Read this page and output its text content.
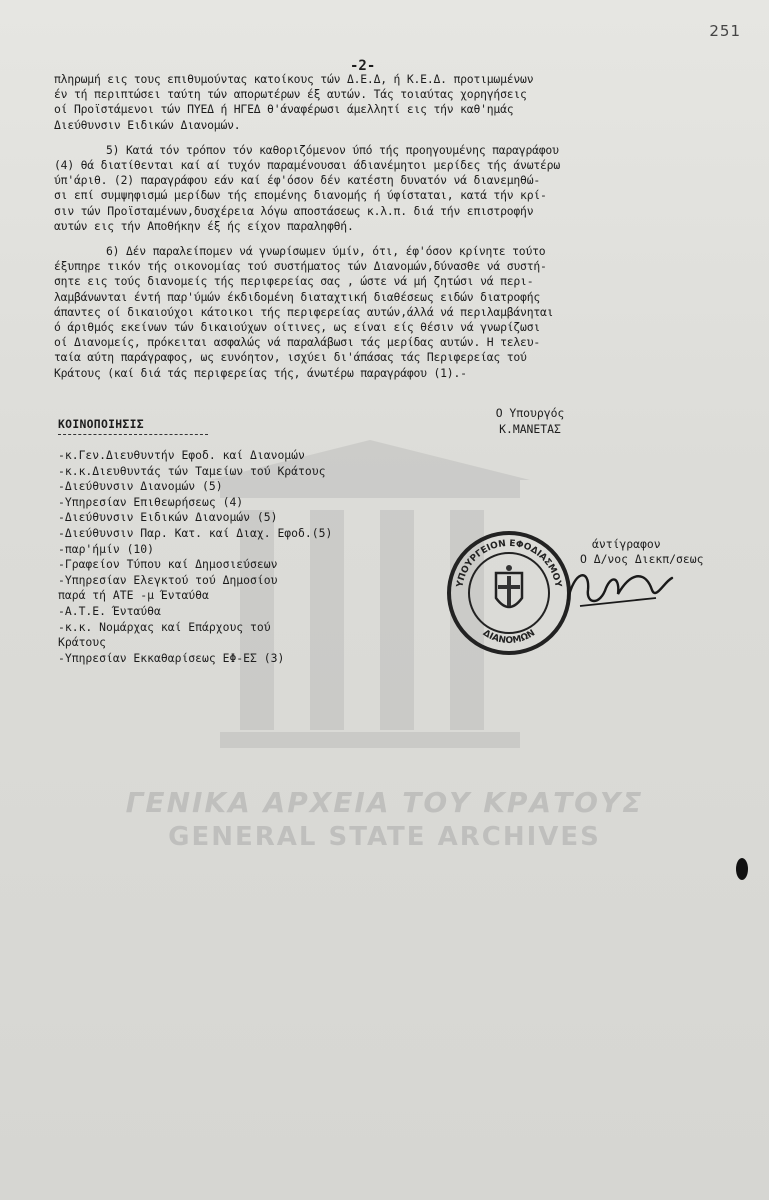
251
-2-

πληρωμή εις τους επιθυμούντας κατοίκους τών Δ.Ε.Δ, ή Κ.Ε.Δ. προτιμωμένων
έν τή περιπτώσει ταύτη τών απορωτέρων έξ αυτών. Τάς τοιαύτας χορηγήσεις
οί Προϊστάμενοι τών ΠΥΕΔ ή ΗΓΕΔ θ'άναφέρωσι άμελλητί εις τήν καθ'ημάς
Διεύθυνσιν Ειδικών Διανομών.

5) Κατά τόν τρόπον τόν καθοριζόμενον ύπό τής προηγουμένης παραγράφου
(4) θά διατίθενται καί αί τυχόν παραμένουσαι άδιανέμητοι μερίδες τής άνωτέρω
ύπ'άριθ. (2) παραγράφου εάν καί έφ'όσον δέν κατέστη δυνατόν νά διανεμηθώ-
σι επί συμψηφισμώ μερίδων τής επομένης διανομής ή ύφίσταται, κατά τήν κρί-
σιν τών Προϊσταμένων,δυσχέρεια λόγω αποστάσεως κ.λ.π. διά τήν επιστροφήν
αυτών εις τήν Αποθήκην έξ ής είχον παραληφθή.

6) Δέν παραλείπομεν νά γνωρίσωμεν ύμίν, ότι, έφ'όσον κρίνητε τούτο
έξυπηρε τικόν τής οικονομίας τού συστήματος τών Διανομών,δύνασθε νά συστή-
σητε εις τούς διανομείς τής περιφερείας σας , ώστε νά μή ζητώσι νά περι-
λαμβάνωνται έντή παρ'ύμών έκδιδομένη διαταχτική διαθέσεως ειδών διατροφής
άπαντες οί δικαιούχοι κάτοικοι τής περιφερείας αυτών,άλλά νά περιλαμβάνηται
ό άριθμός εκείνων τών δικαιούχων οίτινες, ως είναι είς θέσιν νά γνωρίζωσι
οί Διανομείς, πρόκειται ασφαλώς νά παραλάβωσι τάς μερίδας αυτών. Η τελευ-
ταία αύτη παράγραφος, ως ευνόητον, ισχύει δι'άπάσας τάς Περιφερείας τού
Κράτους (καί διά τάς περιφερείας τής, άνωτέρω παραγράφου (1).-

Ο Υπουργός
Κ.ΜΑΝΕΤΑΣ
ΚΟΙΝΟΠΟΙΗΣΙΣ
-κ.Γεν.Διευθυντήν Εφοδ. καί Διανομών
-κ.κ.Διευθυντάς τών Ταμείων τού Κράτους
-Διεύθυνσιν Διανομών (5)
-Υπηρεσίαν Επιθεωρήσεως (4)
-Διεύθυνσιν Ειδικών Διανομών (5)
-Διεύθυνσιν Παρ. Κατ. καί Διαχ. Εφοδ.(5)
-παρ'ήμίν (10)
-Γραφείον Τύπου καί Δημοσιεύσεων
-Υπηρεσίαν Ελεγκτού τού Δημοσίου
παρά τή ΑΤΕ -μ Ένταύθα
-Α.Τ.Ε. Ένταύθα
-κ.κ. Νομάρχας καί Επάρχους τού
Κράτους
-Υπηρεσίαν Εκκαθαρίσεως ΕΦ-ΕΣ (3)
ΥΠΟΥΡΓΕΙΟΝ ΕΦΟΔΙΑΣΜΟΥ
ΔΙΑΝΟΜΩΝ
άντίγραφον
Ο Δ/νος Διεκπ/σεως
ΓΕΝΙΚΑ ΑΡΧΕΙΑ ΤΟΥ ΚΡΑΤΟΥΣ
GENERAL STATE ARCHIVES
